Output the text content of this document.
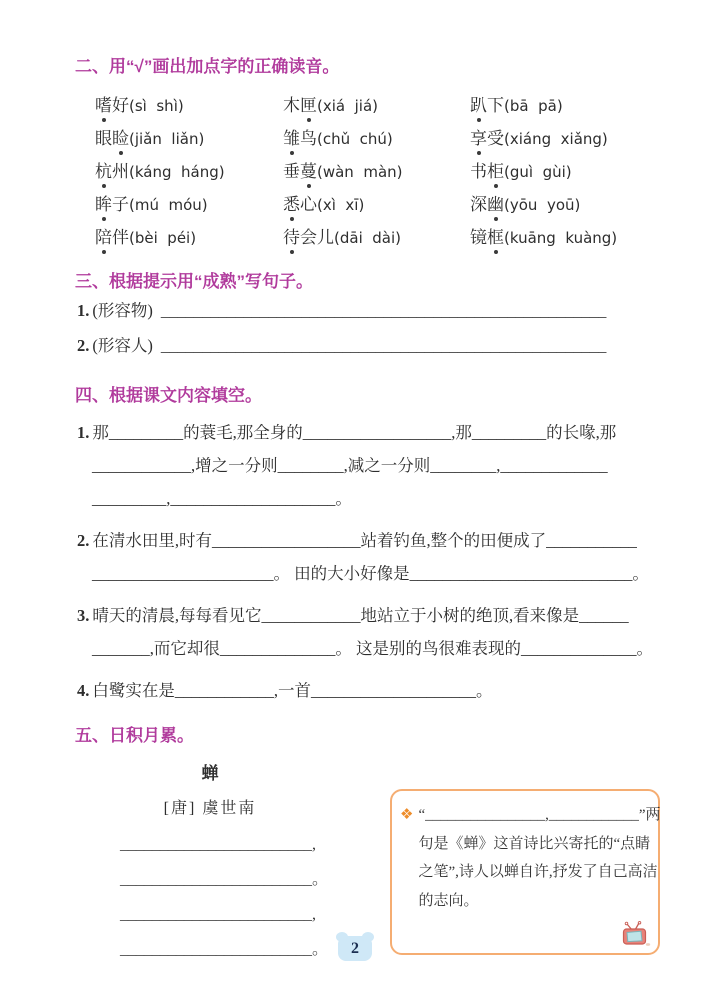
二、用“√”画出加点字的正确读音。
嗜好(sì  shì)	木匣(xiá  jiá)	趴下(bā  pā)
眼睑(jiǎn  liǎn)	雏鸟(chǔ  chú)	享受(xiáng  xiǎng)
杭州(káng  háng)	垂蔓(wàn  màn)	书柜(guì  gùi)
眸子(mú  móu)	悉心(xì  xī)	深幽(yōu  yoū)
陪伴(bèi  péi)	待会儿(dāi  dài)	镜框(kuāng  kuàng)
三、根据提示用“成熟”写句子。
1. (形容物) ______________________________________________________
2. (形容人) ______________________________________________________
四、根据课文内容填空。
1. 那_________的蓑毛,那全身的__________________,那_________的长喙,那
____________,增之一分则________,减之一分则________,_____________
_________,____________________。
2. 在清水田里,时有__________________站着钓鱼,整个的田便成了___________
______________________。 田的大小好像是___________________________。
3. 晴天的清晨,每每看见它____________地站立于小树的绝顶,看来像是______
_______,而它却很______________。 这是别的鸟很难表现的______________。
4. 白鹭实在是____________,一首____________________。
五、日积月累。
蝉
[唐] 虞世南
________________________,
________________________。
________________________,
________________________。
❖ “________________,____________”两句是《蝉》这首诗比兴寄托的“点睛之笔”,诗人以蝉自许,抒发了自己高洁的志向。
2
